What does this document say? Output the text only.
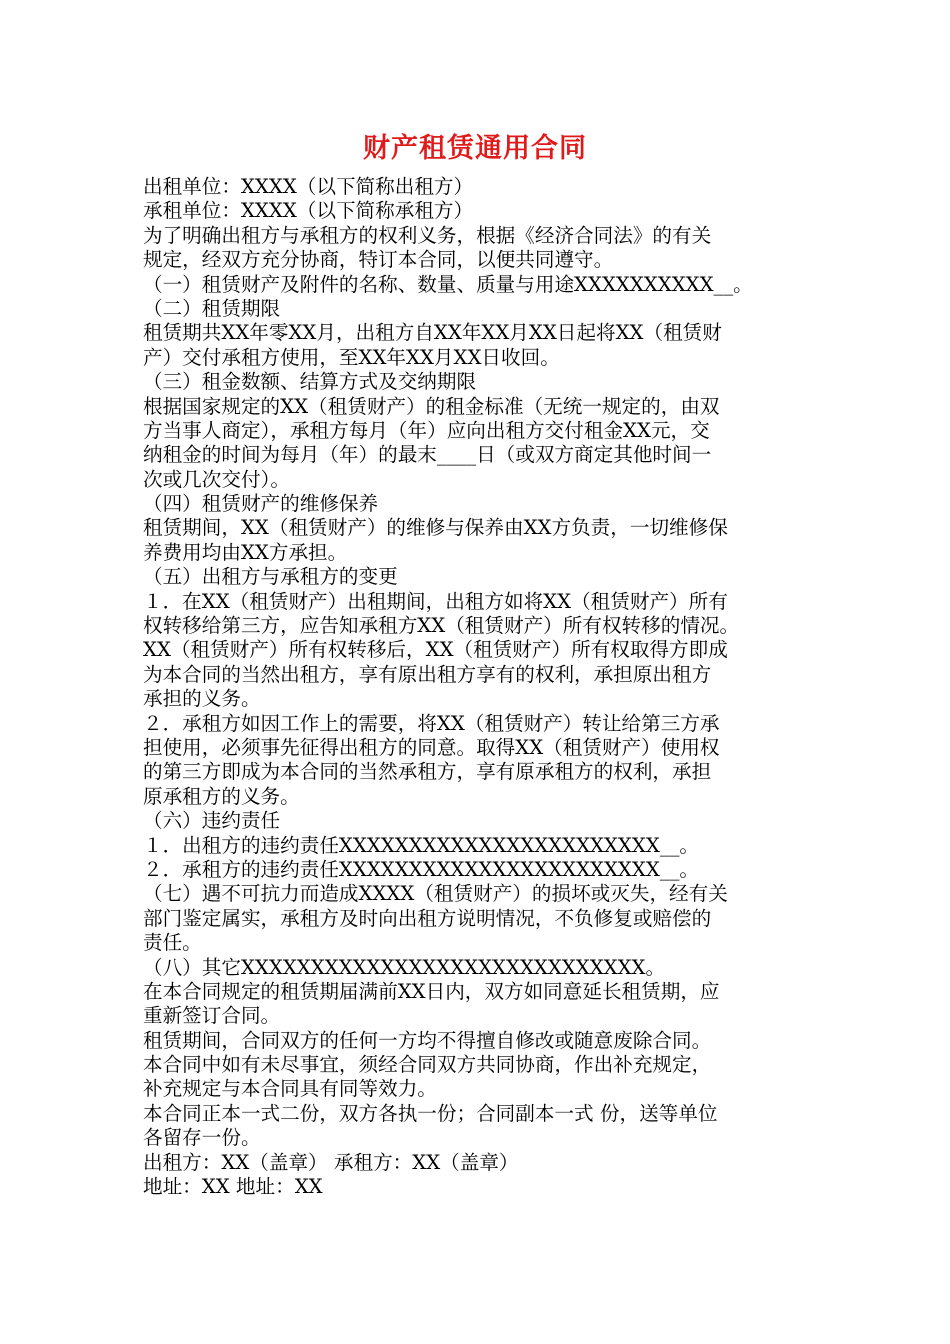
财产租赁通用合同
出租单位：XXXX（以下简称出租方）
承租单位：XXXX（以下简称承租方）
为了明确出租方与承租方的权利义务，根据《经济合同法》的有关
规定，经双方充分协商，特订本合同，以便共同遵守。
（一）租赁财产及附件的名称、数量、质量与用途XXXXXXXXXX__。
（二）租赁期限
租赁期共XX年零XX月，出租方自XX年XX月XX日起将XX（租赁财
产）交付承租方使用，至XX年XX月XX日收回。
（三）租金数额、结算方式及交纳期限
根据国家规定的XX（租赁财产）的租金标准（无统一规定的，由双
方当事人商定），承租方每月（年）应向出租方交付租金XX元，交
纳租金的时间为每月（年）的最末____日（或双方商定其他时间一
次或几次交付）。
（四）租赁财产的维修保养
租赁期间，XX（租赁财产）的维修与保养由XX方负责，一切维修保
养费用均由XX方承担。
（五）出租方与承租方的变更
１．在XX（租赁财产）出租期间，出租方如将XX（租赁财产）所有
权转移给第三方，应告知承租方XX（租赁财产）所有权转移的情况。
XX（租赁财产）所有权转移后，XX（租赁财产）所有权取得方即成
为本合同的当然出租方，享有原出租方享有的权利，承担原出租方
承担的义务。
２．承租方如因工作上的需要，将XX（租赁财产）转让给第三方承
担使用，必须事先征得出租方的同意。取得XX（租赁财产）使用权
的第三方即成为本合同的当然承租方，享有原承租方的权利，承担
原承租方的义务。
（六）违约责任
１．出租方的违约责任XXXXXXXXXXXXXXXXXXXXXXX__。
２．承租方的违约责任XXXXXXXXXXXXXXXXXXXXXXX__。
（七）遇不可抗力而造成XXXX（租赁财产）的损坏或灭失，经有关
部门鉴定属实，承租方及时向出租方说明情况，不负修复或赔偿的
责任。
（八）其它XXXXXXXXXXXXXXXXXXXXXXXXXXXXX。
在本合同规定的租赁期届满前XX日内，双方如同意延长租赁期，应
重新签订合同。
租赁期间，合同双方的任何一方均不得擅自修改或随意废除合同。
本合同中如有未尽事宜，须经合同双方共同协商，作出补充规定，
补充规定与本合同具有同等效力。
本合同正本一式二份，双方各执一份；合同副本一式 份，送等单位
各留存一份。
出租方：XX（盖章） 承租方：XX（盖章）
地址：XX 地址：XX
